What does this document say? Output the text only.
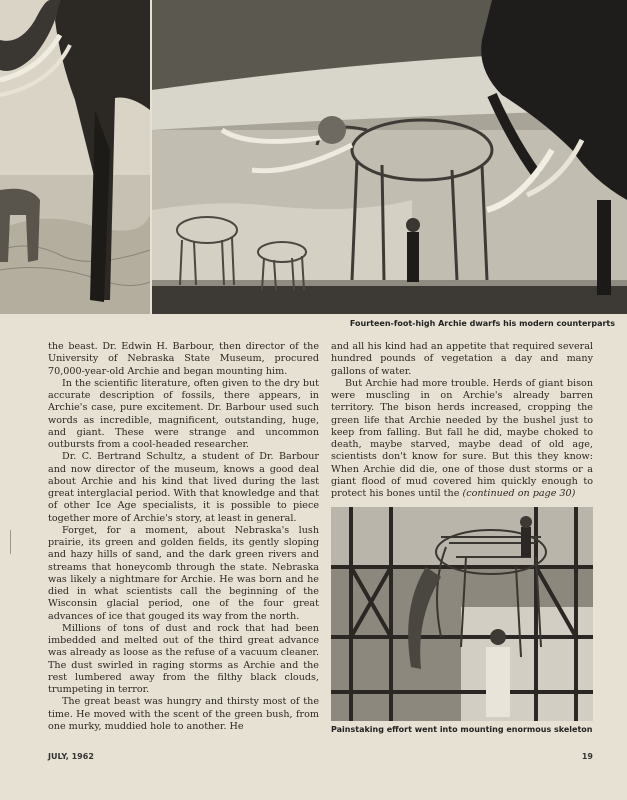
Fourteen-foot-high Archie dwarfs his modern counterparts

the beast. Dr. Edwin H. Barbour, then director of the University of Nebraska State Museum, procured 70,000-year-old Archie and began mounting him.

In the scientific literature, often given to the dry but accurate description of fossils, there appears, in Archie's case, pure excitement. Dr. Barbour used such words as incredible, magnificent, outstanding, huge, and giant. These were strange and uncommon outbursts from a cool-headed researcher.

Dr. C. Bertrand Schultz, a student of Dr. Barbour and now director of the museum, knows a good deal about Archie and his kind that lived during the last great interglacial period. With that knowledge and that of other Ice Age specialists, it is possible to piece together more of Archie's story, at least in general.

Forget, for a moment, about Nebraska's lush prairie, its green and golden fields, its gently sloping and hazy hills of sand, and the dark green rivers and streams that honeycomb through the state. Nebraska was likely a nightmare for Archie. He was born and he died in what scientists call the beginning of the Wisconsin glacial period, one of the four great advances of ice that gouged its way from the north.

Millions of tons of dust and rock that had been imbedded and melted out of the third great advance was already as loose as the refuse of a vacuum cleaner. The dust swirled in raging storms as Archie and the rest lumbered away from the filthy black clouds, trumpeting in terror.

The great beast was hungry and thirsty most of the time. He moved with the scent of the green bush, from one murky, muddied hole to another. He

and all his kind had an appetite that required several hundred pounds of vegetation a day and many gallons of water.

But Archie had more trouble. Herds of giant bison were muscling in on Archie's already barren territory. The bison herds increased, cropping the green life that Archie needed by the bushel just to keep from falling. But fall he did, maybe choked to death, maybe starved, maybe dead of old age, scientists don't know for sure. But this they know: When Archie did die, one of those dust storms or a giant flood of mud covered him quickly enough to protect his bones until the (continued on page 30)

Painstaking effort went into mounting enormous skeleton
JULY, 1962	19
